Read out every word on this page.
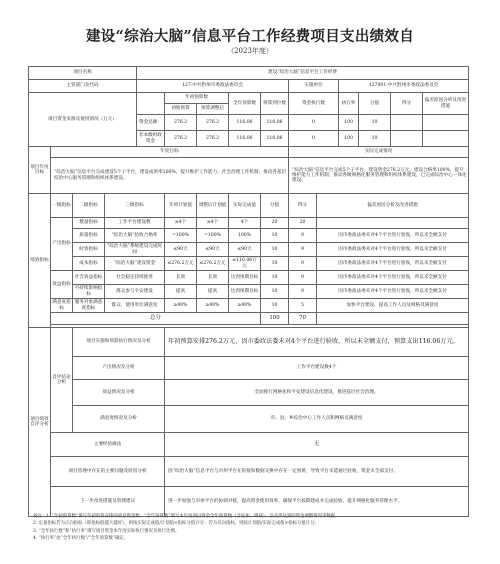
建设“综治大脑”信息平台工作经费项目支出绩效自
（2023年度）
项目名称				建设“综治大脑”信息平台工作经费										
主管部门及代码				127-中共黔州市委政法委员会					实施单位		127001-中共黔州市委政法委员会			
项目资金来源及使用情况（万元）					年初预算数		全年预算数	预算到位数	资金执行数		执行率	分值	得分	偏差原因分析及改进措施
					初始预算	预算调整后								
				资金总额：	276.2	276.2	116.06	116.06	0		100	10		
				非本级财政资金	276.2	276.2	116.06	116.06	0		100	10		
项目年度目标	年度目标								实际完成情况					
	“综治大脑”信息平台完成建设5个子平台，建设成果率100%，提升维护工作能力，社会治理工作机制，推动各基层综治中心服务管理和组织体系建设。								“综治大脑”信息平台完成5个子平台，建设资金276.2万元，建设合格率100%，提升维护能力工作机制，推动各级网格化服务管理和组织体系建设，已完成综治中心一体化建设。					
绩效指标	一级指标	二级指标	三级指标		年初计划值	调整后计划值	实际完成值	分值	得分	偏差原因分析及改进措施				
	产出指标	数量指标	工作平台建设数		≥4个	≥4个	4个	20	20					
		质量指标	“综治大脑”验收合格率		=100%	=100%	100%	10	9	因市委政法委未对4个平台进行验收，所以未全额支付				
		时效指标	“综治大脑”系统建设完成时间		≤90天	≤90天	≤90天	10	9	因市委政法委未对4个平台进行验收，所以未全额支付				
		成本指标	“综治大脑”建设资金		≤276.2万元	≤276.2万元	≤116.06万元	10	9	因市委政法委未对4个平台进行验收，所以未全额支付				
	效益指标	社会效益指标	社会稳定持续推进		长效	长效	达到预期目标	10	9	因市委政法委未对4个平台进行验收，所以未全额支付				
		可持续影响指标	群众参与平安建设		提高	提高	达到预期目标	10	9	因市委政法委未对4个平台进行验收，所以未全额支付				
	满意度指标	服务对象满意度指标	群众、使用单位满意度		≥90%	≥90%	≥90%	10	5	加快平台建设，提高工作人员及网格员满意度				
	总分							100	70					

项目绩效自评分析	自评结论分析	项目实施和预算执行情况及分析			年初预算安排276.2万元，因市委政法委未对4个平台进行验收，所以未全额支付，预算支出116.06万元。									
		产出情况及分析			工作平台建设数4个									
		效益情况及分析			全面推行网格化和平安建设信息化建设，推进基层社会治理。									
		满意度情况及分析			市、县、乡综治中心工作人员和网格员满意度									
	主要经验做法				无									
	项目管理中存在的主要问题及原因分析				因“综治大脑”信息平台与市州平台在衔接和数据交换中存在一定困难，导致平台未能通过验收，资金未全部支付。									
	下一步改进措施及管理建议				进一步加强与市州平台的协调对接，提高资金使用效率，确保平台按期建成并完成验收，提升网格化服务管理水平。									
备注：1. “年初预算数”填写年初预算安排的项目资金数；“全年预算数”填写本年度项目资金全年预算数（含追加、调减），以及涉及到的资金调整情况等数据。
2. 定量指标若为正向指标（即指标值越大越好），则按实际完成值/计划值×指标分值计分；若为反向指标，则按计划值/实际完成值×指标分值计分。
3. “全年执行数”和“执行率”填写项目资金本年度实际执行情况及执行比例。
4. “执行率”由“全年执行数”/“全年预算数”确定。
